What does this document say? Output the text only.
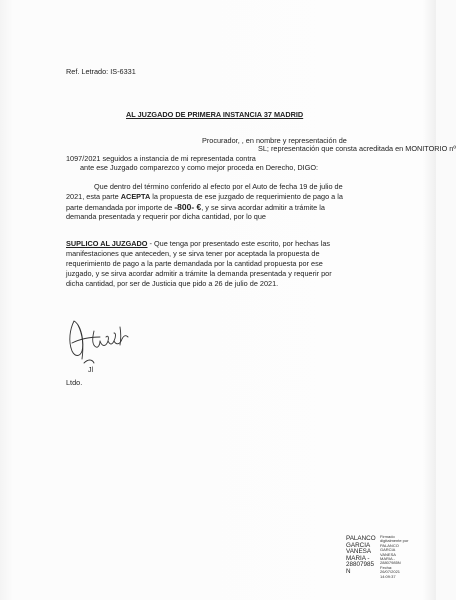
Ref. Letrado: IS-6331
AL JUZGADO DE PRIMERA INSTANCIA 37 MADRID
Procurador, , en nombre y representación de
SL; representación que consta acreditada en MONITORIO nº
1097/2021 seguidos a instancia de mi representada contra
ante ese Juzgado comparezco y como mejor proceda en Derecho, DIGO:
Que dentro del término conferido al efecto por el Auto de fecha 19 de julio de
2021, esta parte ACEPTA la propuesta de ese juzgado de requerimiento de pago a la
parte demandada por importe de -800- €, y se sirva acordar admitir a trámite la
demanda presentada y requerir por dicha cantidad, por lo que
SUPLICO AL JUZGADO - Que tenga por presentado este escrito, por hechas las
manifestaciones que anteceden, y se sirva tener por aceptada la propuesta de
requerimiento de pago a la parte demandada por la cantidad propuesta por ese
juzgado, y se sirva acordar admitir a trámite la demanda presentada y requerir por
dicha cantidad, por ser de Justicia que pido a 26 de julio de 2021.
Jl
Ltdo.
PALANCO
GARCIA
VANESA
MARIA -
28807985
N
Firmado
digitalmente por
PALANCO
GARCIA
VANESA
MARIA -
28807985N
Fecha:
26/07/2021
14:09:37
